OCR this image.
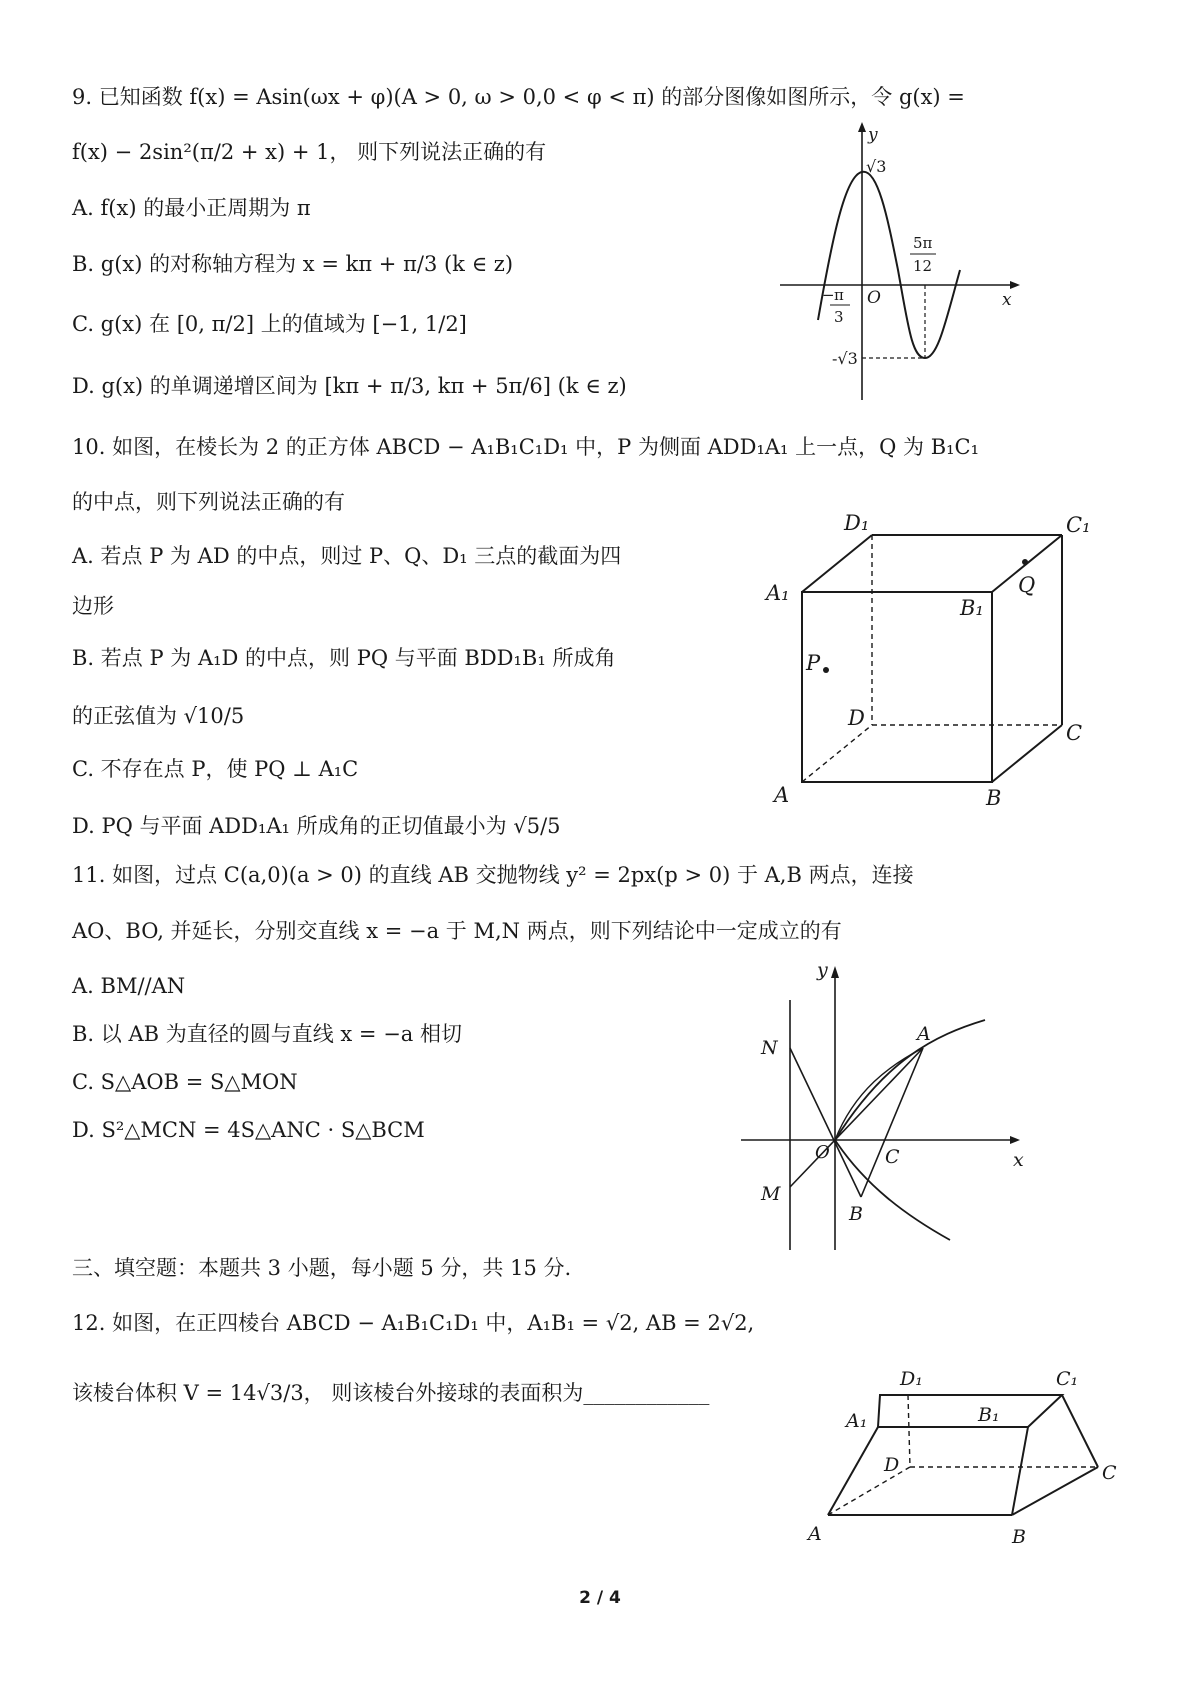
9. 已知函数 f(x) = Asin(ωx + φ)(A > 0, ω > 0,0 < φ < π) 的部分图像如图所示，令 g(x) =
f(x) − 2sin²(π/2 + x) + 1， 则下列说法正确的有
A. f(x) 的最小正周期为 π
B. g(x) 的对称轴方程为 x = kπ + π/3 (k ∈ z)
C. g(x) 在 [0, π/2] 上的值域为 [−1, 1/2]
D. g(x) 的单调递增区间为 [kπ + π/3, kπ + 5π/6] (k ∈ z)
y
x
O
√3
-√3
− π
3
5π
12
10. 如图，在棱长为 2 的正方体 ABCD − A₁B₁C₁D₁ 中，P 为侧面 ADD₁A₁ 上一点，Q 为 B₁C₁
的中点，则下列说法正确的有
A. 若点 P 为 AD 的中点，则过 P、Q、D₁ 三点的截面为四
边形
B. 若点 P 为 A₁D 的中点，则 PQ 与平面 BDD₁B₁ 所成角
的正弦值为 √10/5
C. 不存在点 P，使 PQ ⊥ A₁C
D. PQ 与平面 ADD₁A₁ 所成角的正切值最小为 √5/5
D₁	C₁
A₁
B₁
Q
P
D
C
A	B
11. 如图，过点 C(a,0)(a > 0) 的直线 AB 交抛物线 y² = 2px(p > 0) 于 A,B 两点，连接
AO、BO, 并延长，分别交直线 x = −a 于 M,N 两点，则下列结论中一定成立的有
A. BM//AN
B. 以 AB 为直径的圆与直线 x = −a 相切
C. S△AOB = S△MON
D. S²△MCN = 4S△ANC · S△BCM
y
x
N
A
O	C
M
B
三、填空题：本题共 3 小题，每小题 5 分，共 15 分.
12. 如图，在正四棱台 ABCD − A₁B₁C₁D₁ 中，A₁B₁ = √2, AB = 2√2,
该棱台体积 V = 14√3/3， 则该棱台外接球的表面积为____________
D₁	C₁
A₁	B₁
D	C
A	B
2 / 4
